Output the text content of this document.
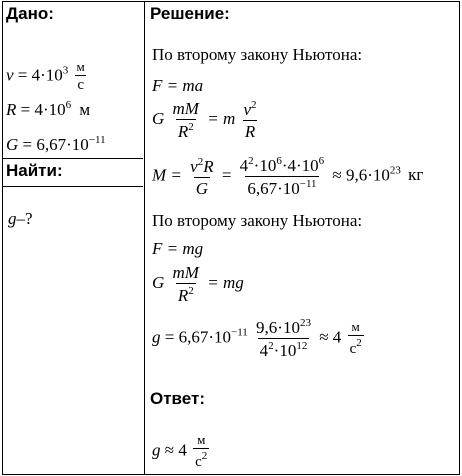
Дано:
$v = 4\cdot 10^3 \frac{м}{с}$
$R = 4\cdot 10^6$ м
$G = 6,67\cdot 10^{-11}$
Найти:
g–?
Решение:
По второму закону Ньютона:
F = ma
G $\frac{mM}{R^2} = m \frac{v^2}{R}$
$M = \frac{v^2R}{G} = \frac{4^2\cdot 10^6\cdot 4\cdot 10^6}{6,67\cdot 10^{-11}} \approx 9,6\cdot 10^{23}$ кг
По второму закону Ньютона:
F = mg
G $\frac{mM}{R^2}$ = mg
$g = 6,67\cdot 10^{-11} \frac{9,6\cdot 10^{23}}{4^2\cdot 10^{12}} \approx 4 \frac{м}{с^2}$
Ответ:
$g \approx 4 \frac{м}{с^2}$
